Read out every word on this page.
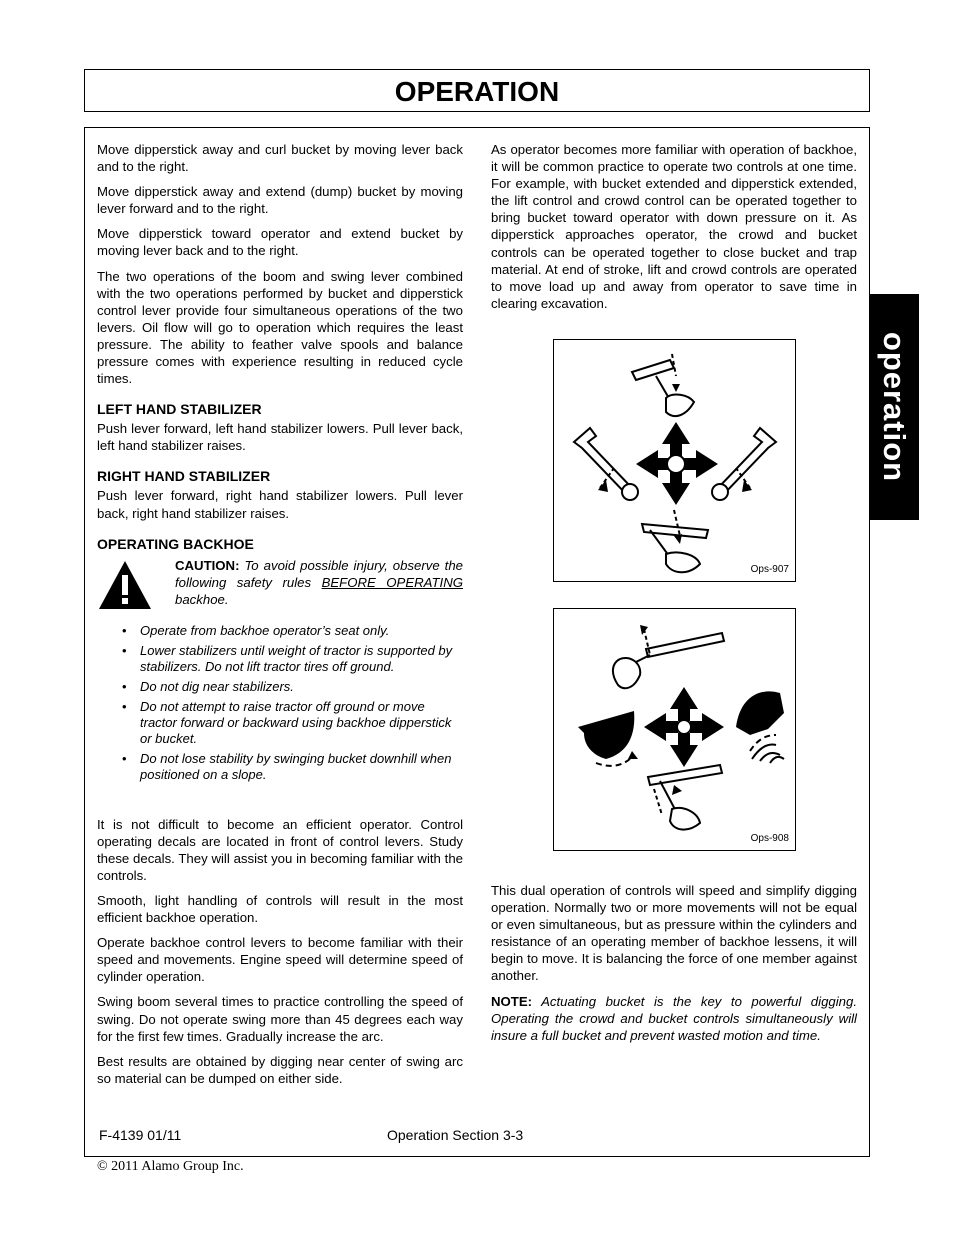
OPERATION
operation

Move dipperstick away and curl bucket by moving lever back and to the right.

Move dipperstick away and extend (dump) bucket by moving lever forward and to the right.

Move dipperstick toward operator and extend bucket by moving lever back and to the right.

The two operations of the boom and swing lever combined with the two operations performed by bucket and dipperstick control lever provide four simultaneous operations of the two levers. Oil flow will go to operation which requires the least pressure. The ability to feather valve spools and balance pressure comes with experience resulting in reduced cycle times.

LEFT HAND STABILIZER

Push lever forward, left hand stabilizer lowers. Pull lever back, left hand stabilizer raises.

RIGHT HAND STABILIZER

Push lever forward, right hand stabilizer lowers. Pull lever back, right hand stabilizer raises.

OPERATING BACKHOE
CAUTION: To avoid possible injury, observe the following safety rules BEFORE OPERATING backhoe.
• Operate from backhoe operator’s seat only.
• Lower stabilizers until weight of tractor is supported by stabilizers. Do not lift tractor tires off ground.
• Do not dig near stabilizers.
• Do not attempt to raise tractor off ground or move tractor forward or backward using backhoe dipperstick or bucket.
• Do not lose stability by swinging bucket downhill when positioned on a slope.

It is not difficult to become an efficient operator. Control operating decals are located in front of control levers. Study these decals. They will assist you in becoming familiar with the controls.

Smooth, light handling of controls will result in the most efficient backhoe operation.

Operate backhoe control levers to become familiar with their speed and movements. Engine speed will determine speed of cylinder operation.

Swing boom several times to practice controlling the speed of swing. Do not operate swing more than 45 degrees each way for the first few times. Gradually increase the arc.

Best results are obtained by digging near center of swing arc so material can be dumped on either side.

As operator becomes more familiar with operation of backhoe, it will be common practice to operate two controls at one time. For example, with bucket extended and dipperstick extended, the lift control and crowd control can be operated together to bring bucket toward operator with down pressure on it. As dipperstick approaches operator, the crowd and bucket controls can be operated together to close bucket and trap material. At end of stroke, lift and crowd controls are operated to move load up and away from operator to save time in clearing excavation.

Ops-907
Ops-908

This dual operation of controls will speed and simplify digging operation. Normally two or more movements will not be equal or even simultaneous, but as pressure within the cylinders and resistance of an operating member of backhoe lessens, it will begin to move. It is balancing the force of one member against another.

NOTE: Actuating bucket is the key to powerful digging. Operating the crowd and bucket controls simultaneously will insure a full bucket and prevent wasted motion and time.

F-4139 01/11	Operation Section 3-3
© 2011 Alamo Group Inc.
